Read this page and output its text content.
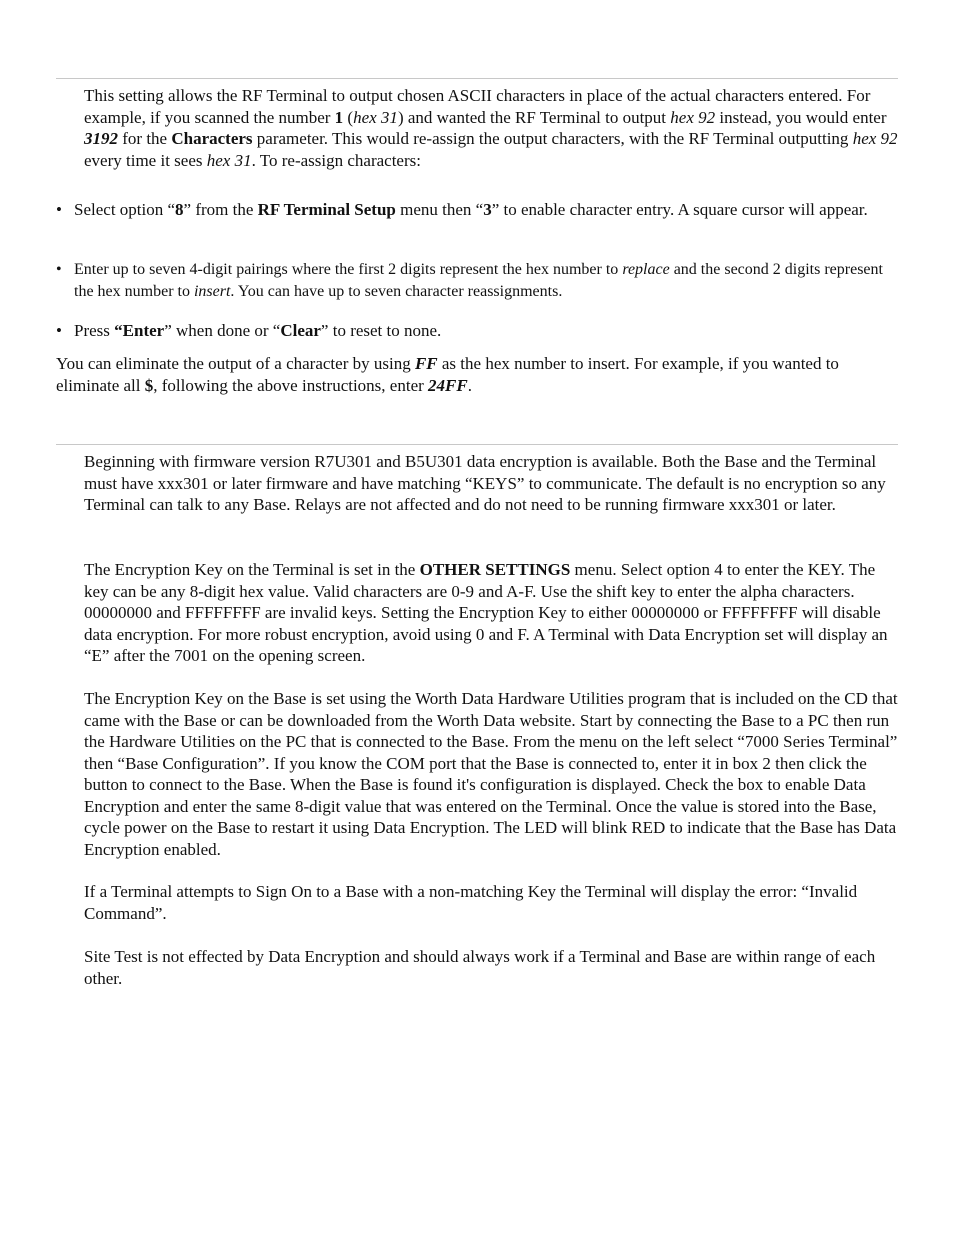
This setting allows the RF Terminal to output chosen ASCII characters in place of the actual characters entered. For example, if you scanned the number 1 (hex 31) and wanted the RF Terminal to output hex 92 instead, you would enter 3192 for the Characters parameter. This would re-assign the output characters, with the RF Terminal outputting hex 92 every time it sees hex 31. To re-assign characters:

• Select option “8” from the RF Terminal Setup menu then “3” to enable character entry. A square cursor will appear.

• Enter up to seven 4-digit pairings where the first 2 digits represent the hex number to replace and the second 2 digits represent the hex number to insert. You can have up to seven character reassignments.

• Press “Enter” when done or “Clear” to reset to none.

You can eliminate the output of a character by using FF as the hex number to insert. For example, if you wanted to eliminate all $, following the above instructions, enter 24FF.

Beginning with firmware version R7U301 and B5U301 data encryption is available. Both the Base and the Terminal must have xxx301 or later firmware and have matching “KEYS” to communicate. The default is no encryption so any Terminal can talk to any Base. Relays are not affected and do not need to be running firmware xxx301 or later.

The Encryption Key on the Terminal is set in the OTHER SETTINGS menu. Select option 4 to enter the KEY. The key can be any 8-digit hex value. Valid characters are 0-9 and A-F. Use the shift key to enter the alpha characters. 00000000 and FFFFFFFF are invalid keys. Setting the Encryption Key to either 00000000 or FFFFFFFF will disable data encryption. For more robust encryption, avoid using 0 and F. A Terminal with Data Encryption set will display an “E” after the 7001 on the opening screen.

The Encryption Key on the Base is set using the Worth Data Hardware Utilities program that is included on the CD that came with the Base or can be downloaded from the Worth Data website. Start by connecting the Base to a PC then run the Hardware Utilities on the PC that is connected to the Base. From the menu on the left select “7000 Series Terminal” then “Base Configuration”. If you know the COM port that the Base is connected to, enter it in box 2 then click the button to connect to the Base. When the Base is found it's configuration is displayed. Check the box to enable Data Encryption and enter the same 8-digit value that was entered on the Terminal. Once the value is stored into the Base, cycle power on the Base to restart it using Data Encryption. The LED will blink RED to indicate that the Base has Data Encryption enabled.

If a Terminal attempts to Sign On to a Base with a non-matching Key the Terminal will display the error: “Invalid Command”.

Site Test is not effected by Data Encryption and should always work if a Terminal and Base are within range of each other.
